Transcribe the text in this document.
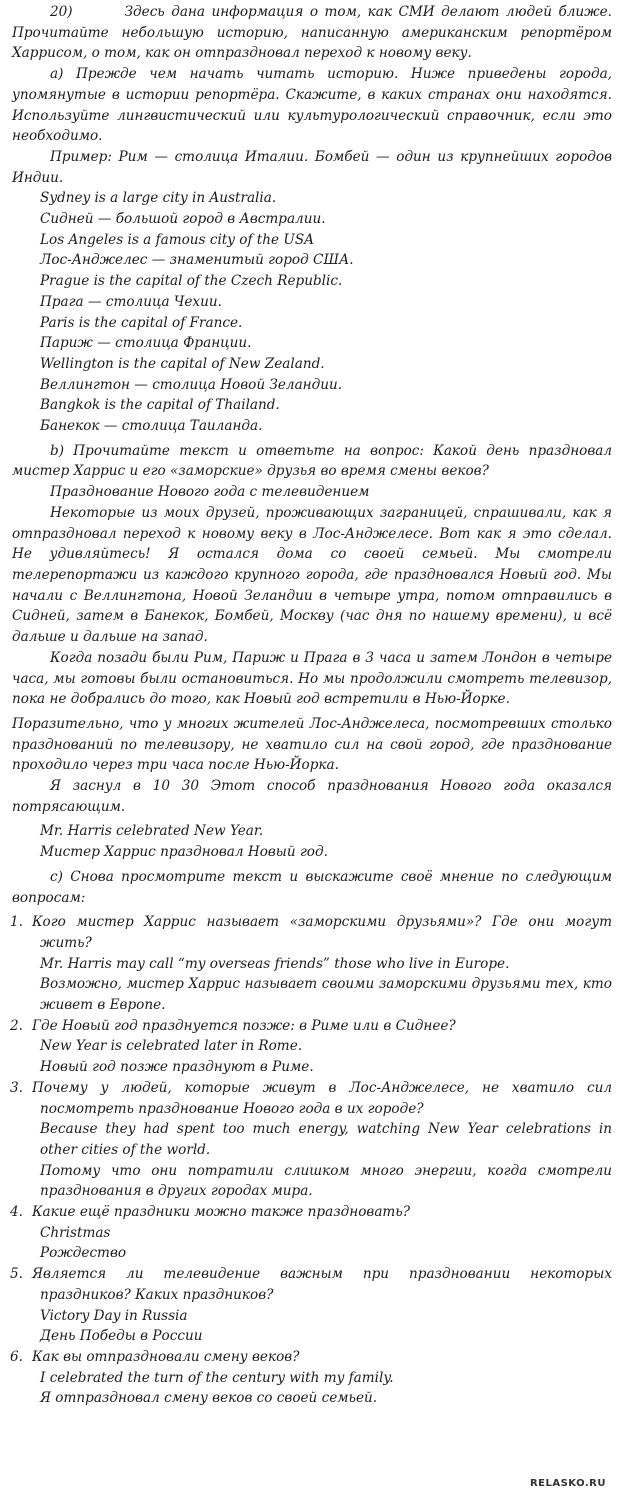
20)	Здесь дана информация о том, как СМИ делают людей ближе. Прочитайте небольшую историю, написанную американским репортёром Харрисом, о том, как он отпраздновал переход к новому веку.

а) Прежде чем начать читать историю. Ниже приведены города, упомянутые в истории репортёра. Скажите, в каких странах они находятся. Используйте лингвистический или культурологический справочник, если это необходимо.

Пример: Рим — столица Италии. Бомбей — один из крупнейших городов Индии.

Sydney is a large city in Australia.

Сидней — большой город в Австралии.

Los Angeles is a famous city of the USA

Лос-Анджелес — знаменитый город США.

Prague is the capital of the Czech Republic.

Прага — столица Чехии.

Paris is the capital of France.

Париж — столица Франции.

Wellington is the capital of New Zealand.

Веллингтон — столица Новой Зеландии.

Bangkok is the capital of Thailand.

Банекок — столица Таиланда.

b) Прочитайте текст и ответьте на вопрос: Какой день праздновал мистер Харрис и его «заморские» друзья во время смены веков?

Празднование Нового года с телевидением

Некоторые из моих друзей, проживающих заграницей, спрашивали, как я отпраздновал переход к новому веку в Лос-Анджелесе. Вот как я это сделал. Не удивляйтесь! Я остался дома со своей семьей. Мы смотрели телерепортажи из каждого крупного города, где праздновался Новый год. Мы начали с Веллингтона, Новой Зеландии в четыре утра, потом отправились в Сидней, затем в Банекок, Бомбей, Москву (час дня по нашему времени), и всё дальше и дальше на запад.

Когда позади были Рим, Париж и Прага в 3 часа и затем Лондон в четыре часа, мы готовы были остановиться. Но мы продолжили смотреть телевизор, пока не добрались до того, как Новый год встретили в Нью-Йорке.

Поразительно, что у многих жителей Лос-Анджелеса, посмотревших столько празднований по телевизору, не хватило сил на свой город, где празднование проходило через три часа после Нью-Йорка.

Я заснул в 10 30 Этот способ празднования Нового года оказался потрясающим.

Mr. Harris celebrated New Year.

Мистер Харрис праздновал Новый год.

с) Снова просмотрите текст и выскажите своё мнение по следующим вопросам:

1. Кого мистер Харрис называет «заморскими друзьями»? Где они могут жить?

Mr. Harris may call “my overseas friends” those who live in Europe.

Возможно, мистер Харрис называет своими заморскими друзьями тех, кто живет в Европе.

2. Где Новый год празднуется позже: в Риме или в Сиднее?

New Year is celebrated later in Rome.

Новый год позже празднуют в Риме.

3. Почему у людей, которые живут в Лос-Анджелесе, не хватило сил посмотреть празднование Нового года в их городе?

Because they had spent too much energy, watching New Year celebrations in other cities of the world.

Потому что они потратили слишком много энергии, когда смотрели празднования в других городах мира.

4. Какие ещё праздники можно также праздновать?

Christmas

Рождество

5. Является ли телевидение важным при праздновании некоторых праздников? Каких праздников?

Victory Day in Russia

День Победы в России

6. Как вы отпраздновали смену веков?

I celebrated the turn of the century with my family.

Я отпраздновал смену веков со своей семьей.

RELASKO.RU
